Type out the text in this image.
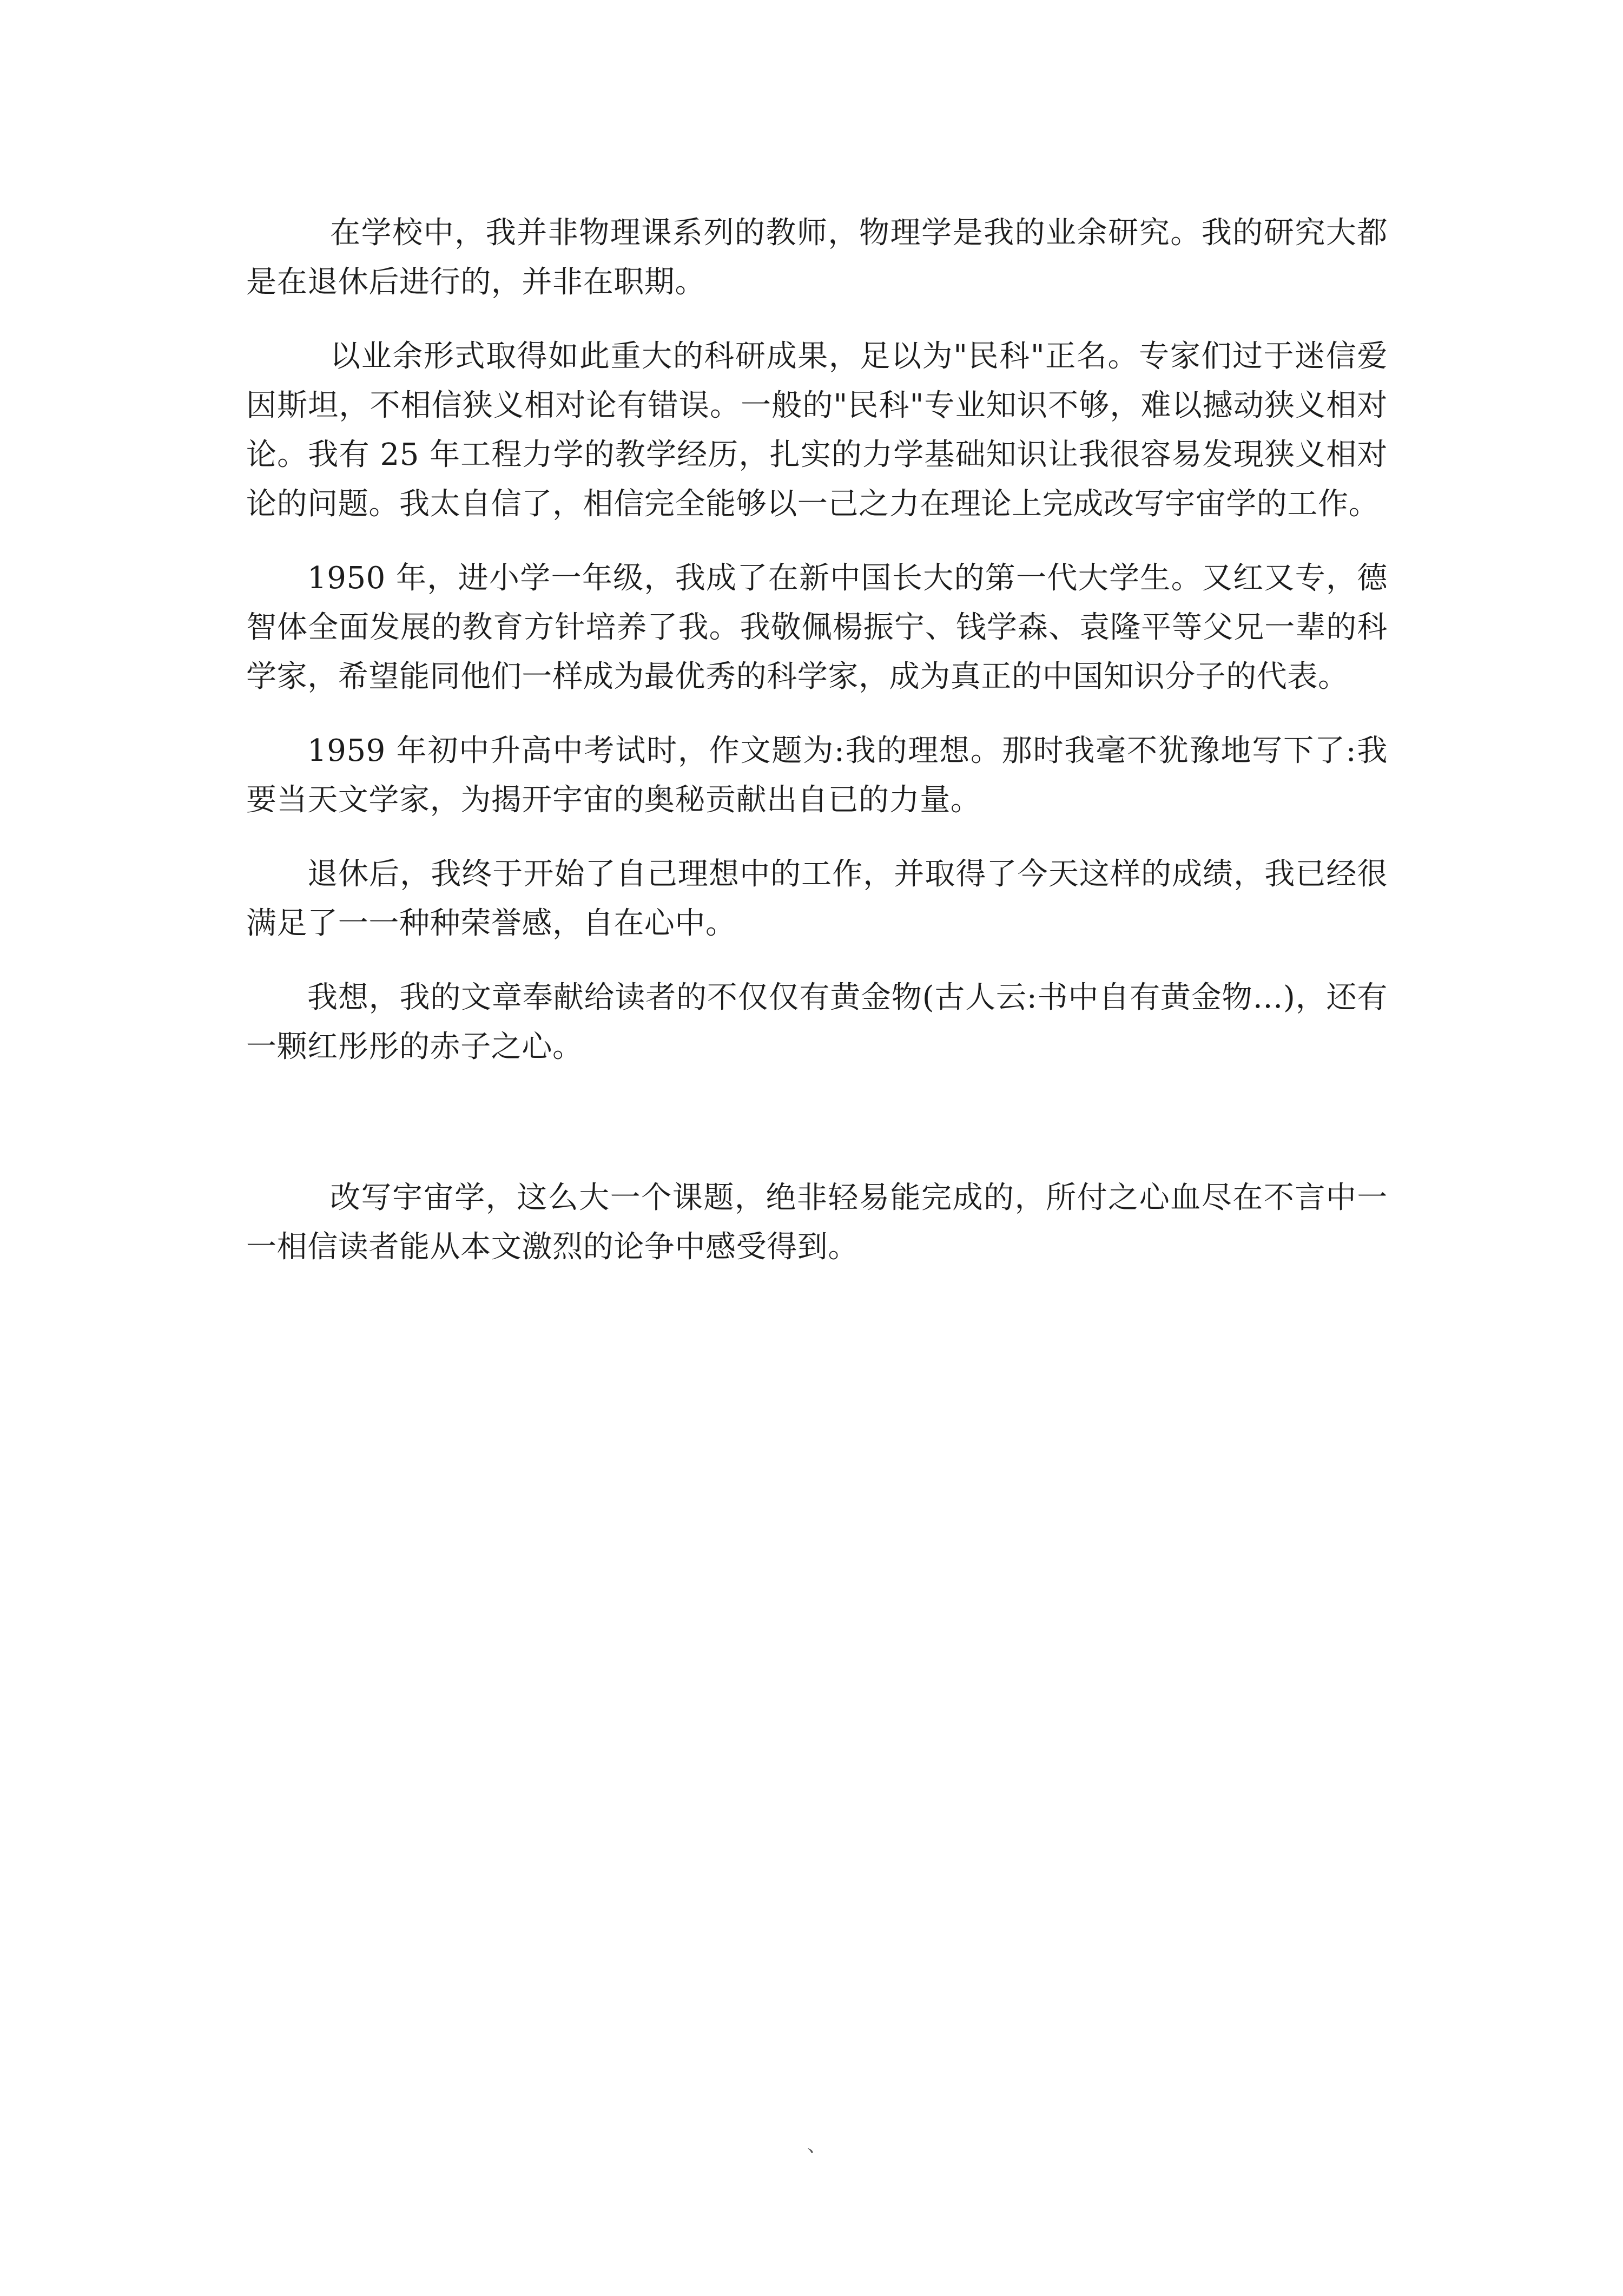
在学校中，我并非物理课系列的教师，物理学是我的业余研究。我的研究大都是在退休后进行的，并非在职期。

以业余形式取得如此重大的科研成果，足以为"民科"正名。专家们过于迷信爱因斯坦，不相信狭义相对论有错误。一般的"民科"专业知识不够，难以撼动狭义相对论。我有 25 年工程力学的教学经历，扎实的力学基础知识让我很容易发現狭义相对论的问题。我太自信了，相信完全能够以一己之力在理论上完成改写宇宙学的工作。

1950 年，进小学一年级，我成了在新中国长大的第一代大学生。又红又专，德智体全面发展的教育方针培养了我。我敬佩楊振宁、钱学森、袁隆平等父兄一辈的科学家，希望能同他们一样成为最优秀的科学家，成为真正的中国知识分子的代表。

1959 年初中升高中考试时，作文题为:我的理想。那时我毫不犹豫地写下了:我要当天文学家，为揭开宇宙的奥秘贡献出自已的力量。

退休后，我终于开始了自己理想中的工作，并取得了今天这样的成绩，我已经很满足了一一种种荣誉感，自在心中。

我想，我的文章奉献给读者的不仅仅有黄金物(古人云:书中自有黄金物…)，还有一颗红彤彤的赤子之心。

改写宇宙学，这么大一个课题，绝非轻易能完成的，所付之心血尽在不言中一一相信读者能从本文激烈的论争中感受得到。

、
